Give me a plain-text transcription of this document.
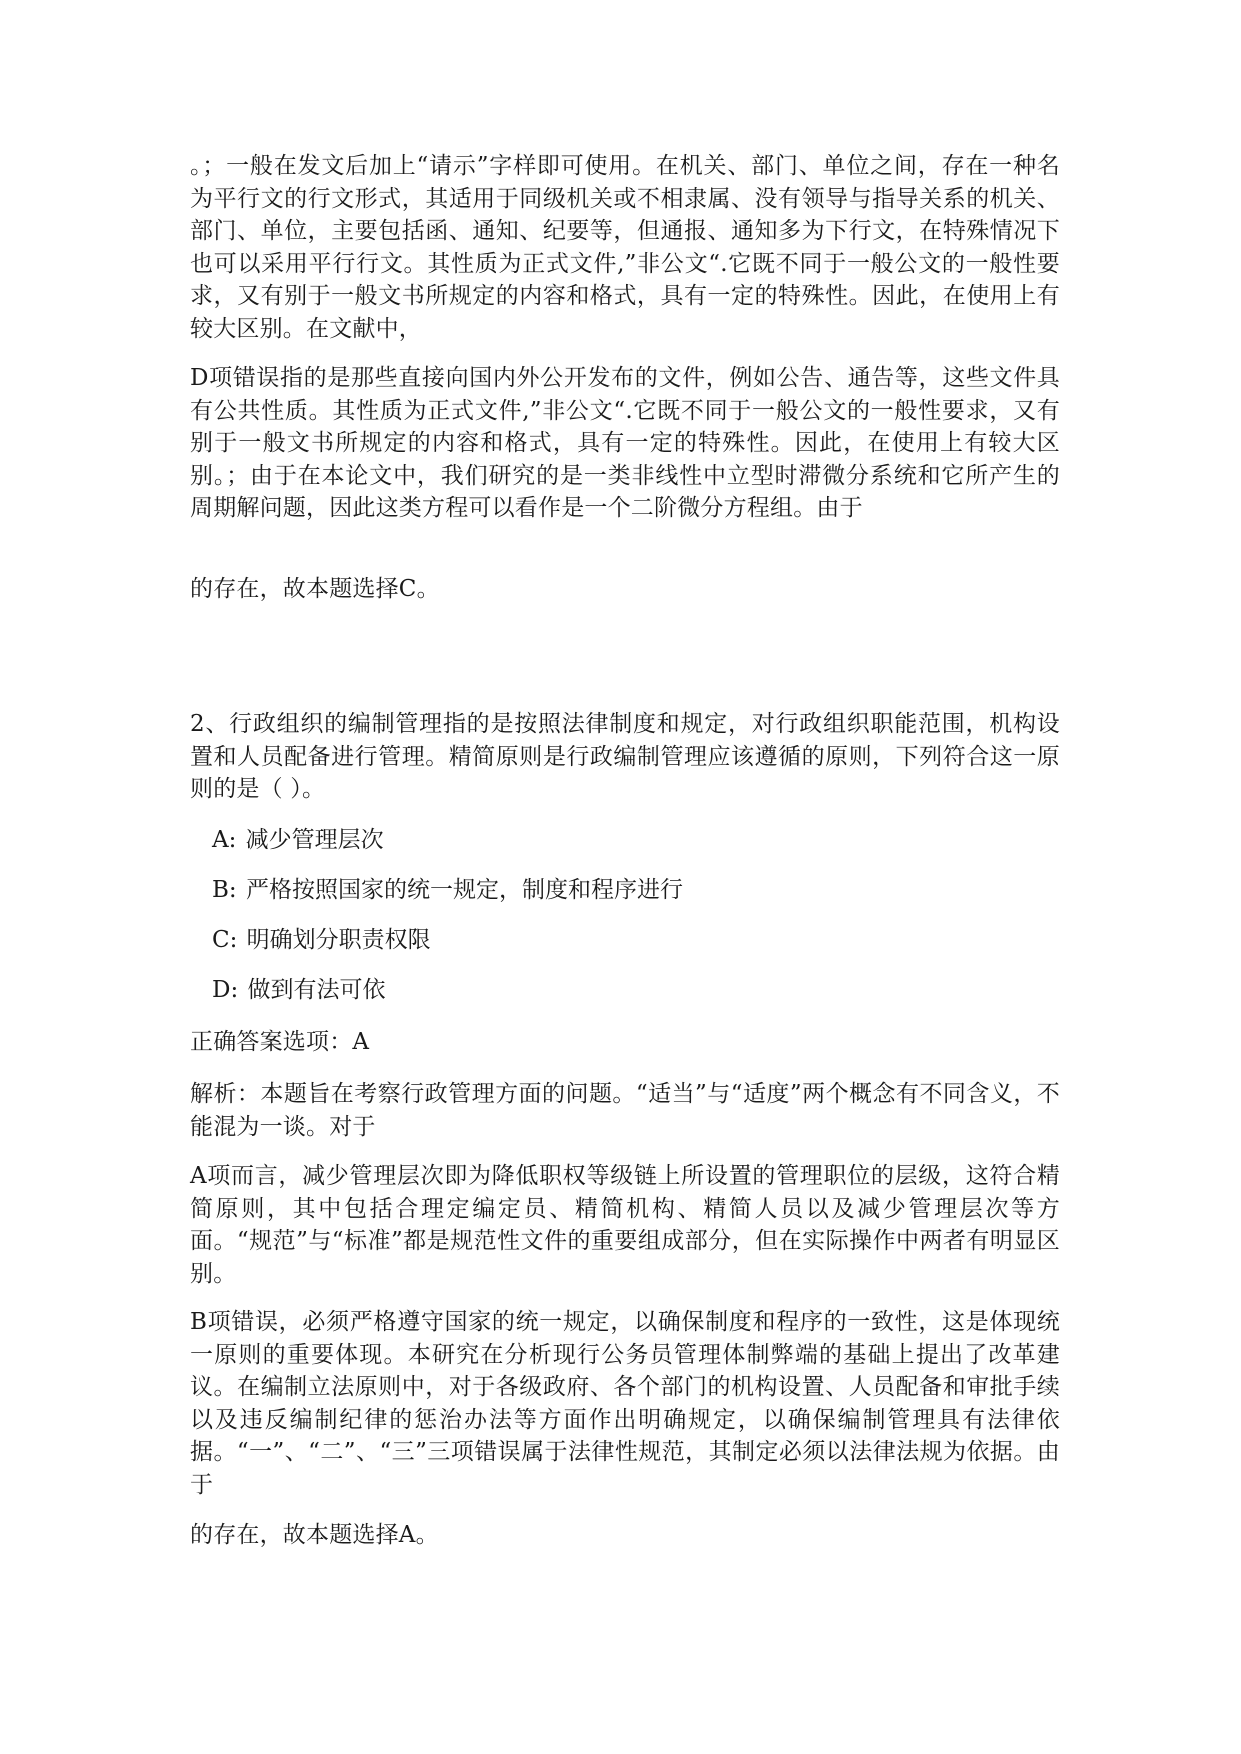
。；一般在发文后加上“请示”字样即可使用。在机关、部门、单位之间，存在一种名为平行文的行文形式，其适用于同级机关或不相隶属、没有领导与指导关系的机关、部门、单位，主要包括函、通知、纪要等，但通报、通知多为下行文，在特殊情况下也可以采用平行行文。其性质为正式文件,”非公文“.它既不同于一般公文的一般性要求，又有别于一般文书所规定的内容和格式，具有一定的特殊性。因此，在使用上有较大区别。在文献中，

D项错误指的是那些直接向国内外公开发布的文件，例如公告、通告等，这些文件具有公共性质。其性质为正式文件,”非公文“.它既不同于一般公文的一般性要求，又有别于一般文书所规定的内容和格式，具有一定的特殊性。因此，在使用上有较大区别。；由于在本论文中，我们研究的是一类非线性中立型时滞微分系统和它所产生的周期解问题，因此这类方程可以看作是一个二阶微分方程组。由于

的存在，故本题选择C。

2、行政组织的编制管理指的是按照法律制度和规定，对行政组织职能范围，机构设置和人员配备进行管理。精简原则是行政编制管理应该遵循的原则，下列符合这一原则的是（ ）。

A: 减少管理层次

B: 严格按照国家的统一规定，制度和程序进行

C: 明确划分职责权限

D: 做到有法可依

正确答案选项：A

解析：本题旨在考察行政管理方面的问题。“适当”与“适度”两个概念有不同含义，不能混为一谈。对于

A项而言，减少管理层次即为降低职权等级链上所设置的管理职位的层级，这符合精简原则，其中包括合理定编定员、精简机构、精简人员以及减少管理层次等方面。“规范”与“标准”都是规范性文件的重要组成部分，但在实际操作中两者有明显区别。

B项错误，必须严格遵守国家的统一规定，以确保制度和程序的一致性，这是体现统一原则的重要体现。本研究在分析现行公务员管理体制弊端的基础上提出了改革建议。在编制立法原则中，对于各级政府、各个部门的机构设置、人员配备和审批手续以及违反编制纪律的惩治办法等方面作出明确规定，以确保编制管理具有法律依据。“一”、“二”、“三”三项错误属于法律性规范，其制定必须以法律法规为依据。由于

的存在，故本题选择A。
